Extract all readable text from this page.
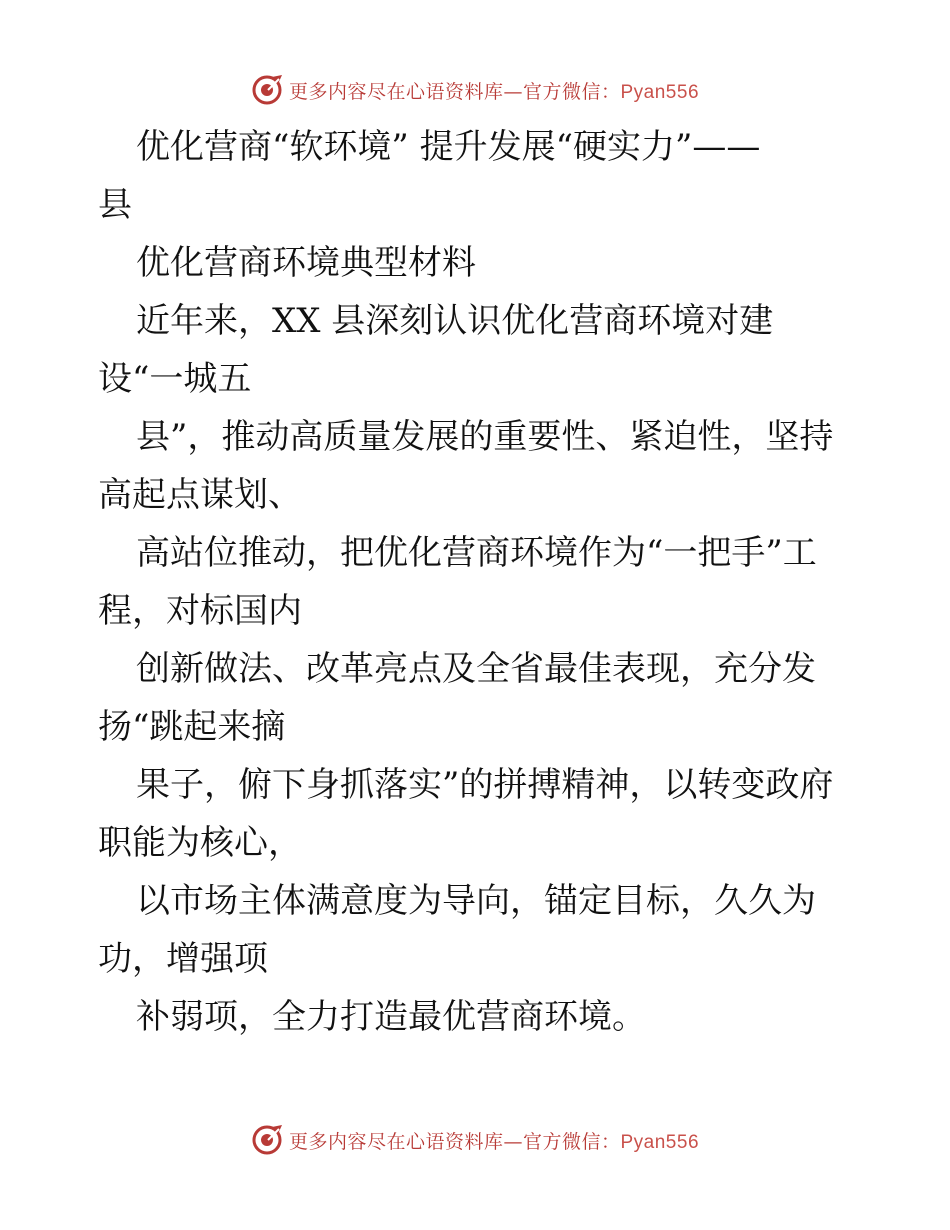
更多内容尽在心语资料库—官方微信：Pyan556
优化营商“软环境” 提升发展“硬实力”——
县
优化营商环境典型材料
近年来，XX 县深刻认识优化营商环境对建
设“一城五
县”，推动高质量发展的重要性、紧迫性，坚持
高起点谋划、
高站位推动，把优化营商环境作为“一把手”工
程，对标国内
创新做法、改革亮点及全省最佳表现，充分发
扬“跳起来摘
果子，俯下身抓落实”的拼搏精神，以转变政府
职能为核心，
以市场主体满意度为导向，锚定目标，久久为
功，增强项
补弱项，全力打造最优营商环境。
更多内容尽在心语资料库—官方微信：Pyan556
